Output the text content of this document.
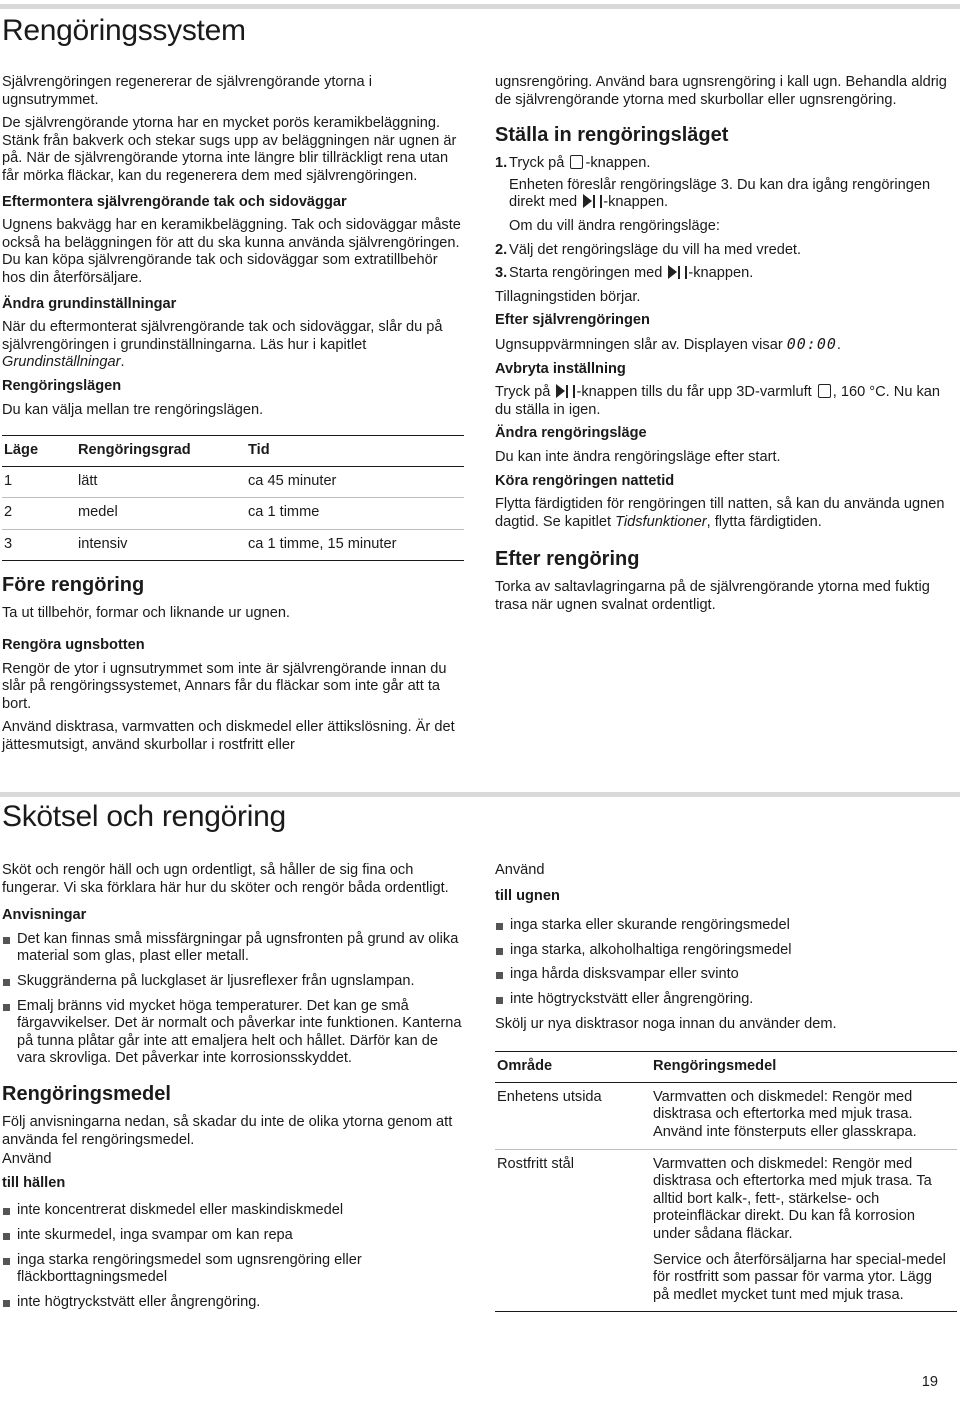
Rengöringssystem

Självrengöringen regenererar de självrengörande ytorna i ugnsutrymmet.

De självrengörande ytorna har en mycket porös keramikbeläggning. Stänk från bakverk och stekar sugs upp av beläggningen när ugnen är på. När de självrengörande ytorna inte längre blir tillräckligt rena utan får mörka fläckar, kan du regenerera dem med självrengöringen.

Eftermontera självrengörande tak och sidoväggar

Ugnens bakvägg har en keramikbeläggning. Tak och sidoväggar måste också ha beläggningen för att du ska kunna använda självrengöringen. Du kan köpa självrengörande tak och sidoväggar som extratillbehör hos din återförsäljare.

Ändra grundinställningar

När du eftermonterat självrengörande tak och sidoväggar, slår du på självrengöringen i grundinställningarna. Läs hur i kapitlet Grundinställningar.

Rengöringslägen

Du kan välja mellan tre rengöringslägen.

Läge	Rengöringsgrad	Tid
1	lätt	ca 45 minuter
2	medel	ca 1 timme
3	intensiv	ca 1 timme, 15 minuter
Före rengöring

Ta ut tillbehör, formar och liknande ur ugnen.

Rengöra ugnsbotten

Rengör de ytor i ugnsutrymmet som inte är självrengörande innan du slår på rengöringssystemet, Annars får du fläckar som inte går att ta bort.

Använd disktrasa, varmvatten och diskmedel eller ättikslösning. Är det jättesmutsigt, använd skurbollar i rostfritt eller

ugnsrengöring. Använd bara ugnsrengöring i kall ugn. Behandla aldrig de självrengörande ytorna med skurbollar eller ugnsrengöring.

Ställa in rengöringsläget
1. Tryck på -knappen.
Enheten föreslår rengöringsläge 3. Du kan dra igång rengöringen direkt med -knappen.
Om du vill ändra rengöringsläge:
2. Välj det rengöringsläge du vill ha med vredet.
3. Starta rengöringen med -knappen.

Tillagningstiden börjar.

Efter självrengöringen

Ugnsuppvärmningen slår av. Displayen visar 00:00.

Avbryta inställning

Tryck på -knappen tills du får upp 3D-varmluft , 160 °C. Nu kan du ställa in igen.

Ändra rengöringsläge

Du kan inte ändra rengöringsläge efter start.

Köra rengöringen nattetid

Flytta färdigtiden för rengöringen till natten, så kan du använda ugnen dagtid. Se kapitlet Tidsfunktioner, flytta färdigtiden.

Efter rengöring

Torka av saltavlagringarna på de självrengörande ytorna med fuktig trasa när ugnen svalnat ordentligt.

Skötsel och rengöring

Sköt och rengör häll och ugn ordentligt, så håller de sig fina och fungerar. Vi ska förklara här hur du sköter och rengör båda ordentligt.

Anvisningar

Det kan finnas små missfärgningar på ugnsfronten på grund av olika material som glas, plast eller metall.
Skuggränderna på luckglaset är ljusreflexer från ugnslampan.
Emalj bränns vid mycket höga temperaturer. Det kan ge små färgavvikelser. Det är normalt och påverkar inte funktionen. Kanterna på tunna plåtar går inte att emaljera helt och hållet. Därför kan de vara skrovliga. Det påverkar inte korrosionsskyddet.
Rengöringsmedel

Följ anvisningarna nedan, så skadar du inte de olika ytorna genom att använda fel rengöringsmedel.

Använd

till hällen

inte koncentrerat diskmedel eller maskindiskmedel
inte skurmedel, inga svampar om kan repa
inga starka rengöringsmedel som ugnsrengöring eller fläckborttagningsmedel
inte högtryckstvätt eller ångrengöring.

Använd

till ugnen

inga starka eller skurande rengöringsmedel
inga starka, alkoholhaltiga rengöringsmedel
inga hårda disksvampar eller svinto
inte högtryckstvätt eller ångrengöring.

Skölj ur nya disktrasor noga innan du använder dem.

Område	Rengöringsmedel
Enhetens utsida	Varmvatten och diskmedel: Rengör med disktrasa och eftertorka med mjuk trasa. Använd inte fönsterputs eller glasskrapa.

Rostfritt stål	Varmvatten och diskmedel: Rengör med disktrasa och eftertorka med mjuk trasa. Ta alltid bort kalk-, fett-, stärkelse- och proteinfläckar direkt. Du kan få korrosion under sådana fläckar.
Service och återförsäljarna har special-medel för rostfritt som passar för varma ytor. Lägg på medlet mycket tunt med mjuk trasa.
19
